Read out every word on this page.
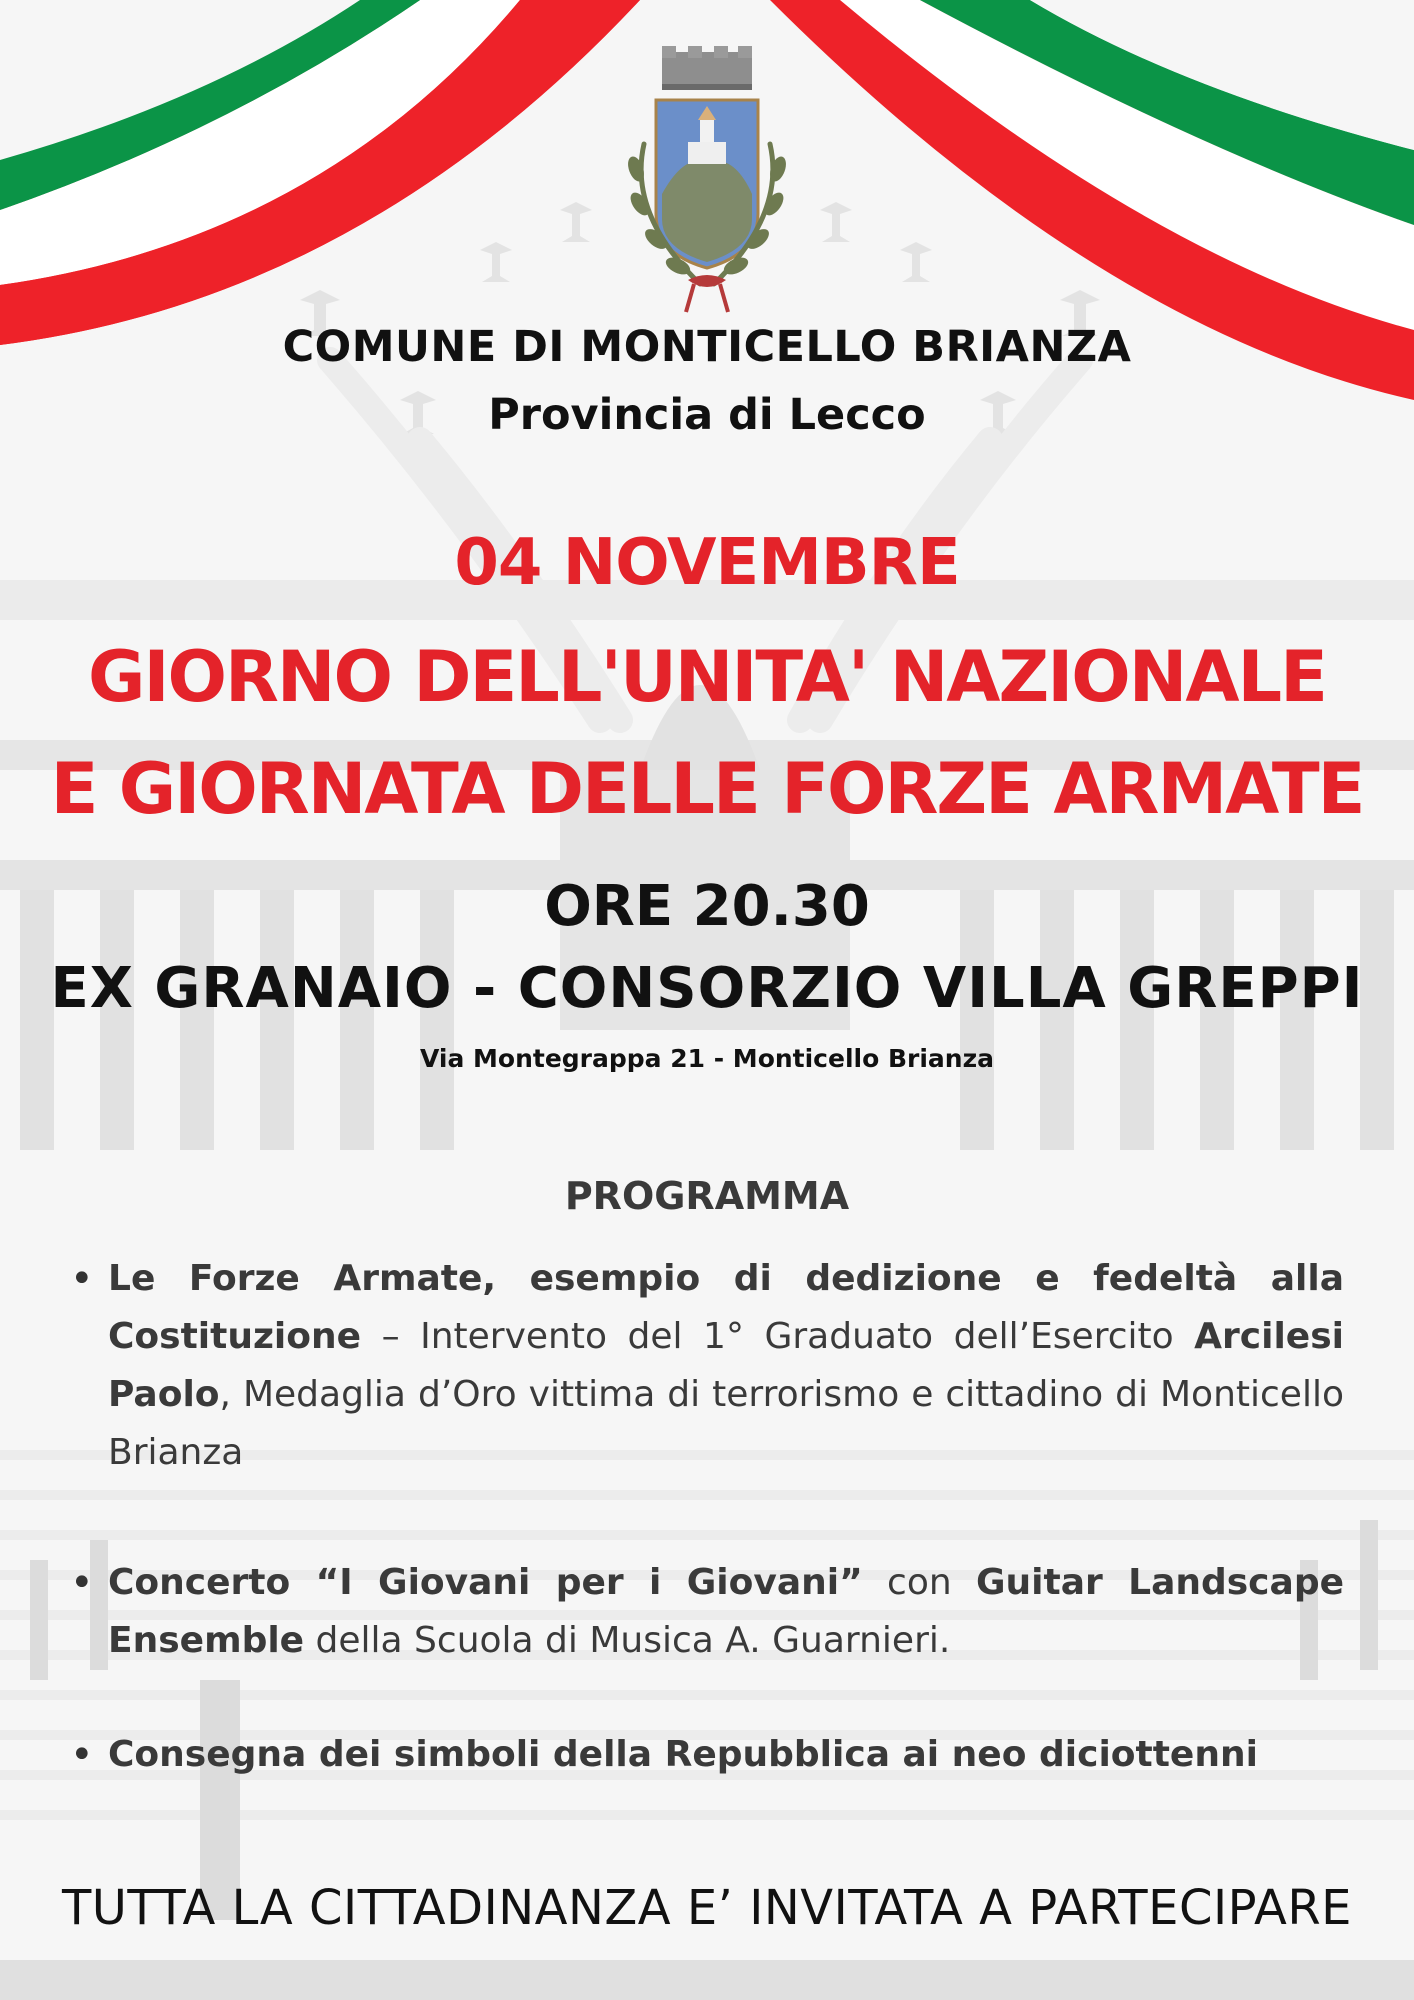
COMUNE DI MONTICELLO BRIANZA
Provincia di Lecco
04 NOVEMBRE
GIORNO DELL'UNITA' NAZIONALE
E GIORNATA DELLE FORZE ARMATE
ORE 20.30
EX GRANAIO - CONSORZIO VILLA GREPPI
Via Montegrappa 21 - Monticello Brianza
PROGRAMMA
• Le Forze Armate, esempio di dedizione e fedeltà alla Costituzione – Intervento del 1° Graduato dell’Esercito Arcilesi Paolo, Medaglia d’Oro vittima di terrorismo e cittadino di Monticello Brianza
• Concerto “I Giovani per i Giovani” con Guitar Landscape Ensemble della Scuola di Musica A. Guarnieri.
• Consegna dei simboli della Repubblica ai neo diciottenni
TUTTA LA CITTADINANZA E’ INVITATA A PARTECIPARE
